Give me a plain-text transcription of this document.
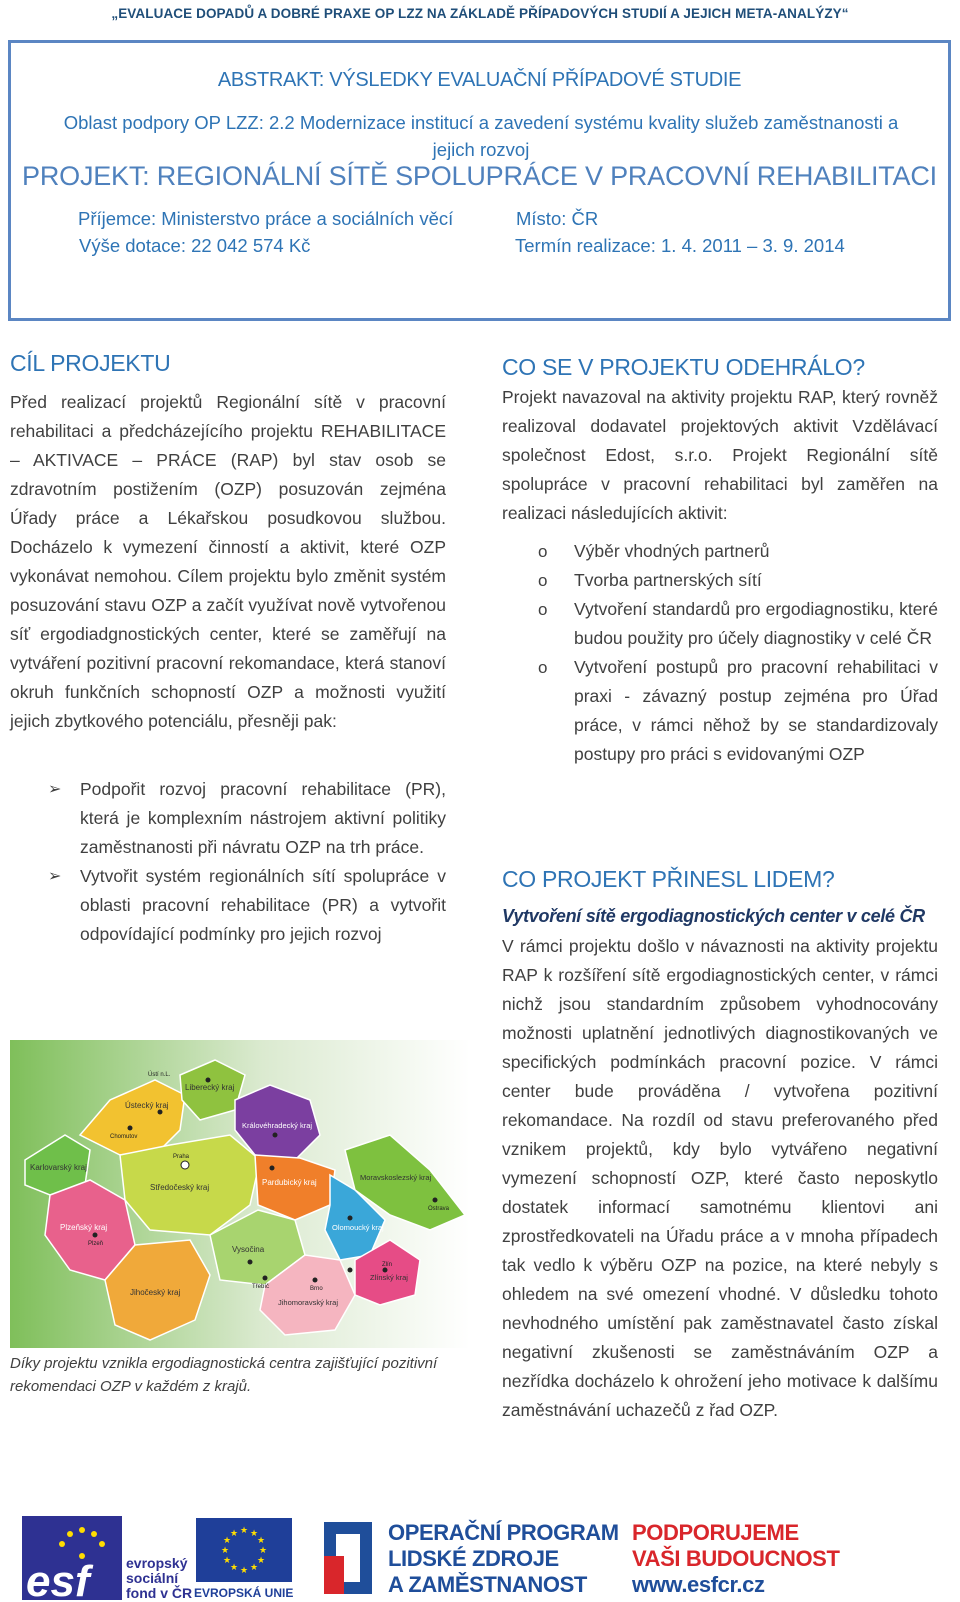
„EVALUACE DOPADŮ A DOBRÉ PRAXE OP LZZ NA ZÁKLADĚ PŘÍPADOVÝCH STUDIÍ A JEJICH META-ANALÝZY“
ABSTRAKT: VÝSLEDKY EVALUAČNÍ PŘÍPADOVÉ STUDIE
Oblast podpory OP LZZ: 2.2 Modernizace institucí a zavedení systému kvality služeb zaměstnanosti a
jejich rozvoj
PROJEKT: REGIONÁLNÍ SÍTĚ SPOLUPRÁCE V PRACOVNÍ REHABILITACI
Příjemce: Ministerstvo práce a sociálních věcí
Výše dotace: 22 042 574 Kč
Místo: ČR
Termín realizace: 1. 4. 2011 – 3. 9. 2014
CÍL PROJEKTU
Před realizací projektů Regionální sítě v pracovní rehabilitaci a předcházejícího projektu REHABILITACE – AKTIVACE – PRÁCE (RAP) byl stav osob se zdravotním postižením (OZP) posuzován zejména Úřady práce a Lékařskou posudkovou službou. Docházelo k vymezení činností a aktivit, které OZP vykonávat nemohou. Cílem projektu bylo změnit systém posuzování stavu OZP a začít využívat nově vytvořenou síť ergodiadgnostických center, které se zaměřují na vytváření pozitivní pracovní rekomandace, která stanoví okruh funkčních schopností OZP a možnosti využití jejich zbytkového potenciálu, přesněji pak:
➢ Podpořit rozvoj pracovní rehabilitace (PR), která je komplexním nástrojem aktivní politiky zaměstnanosti při návratu OZP na trh práce.
➢ Vytvořit systém regionálních sítí spolupráce v oblasti pracovní rehabilitace (PR) a vytvořit odpovídající podmínky pro jejich rozvoj
Ústecký kraj
Liberecký kraj
Královéhradecký kraj
Karlovarský kraj
Středočeský kraj
Plzeňský kraj
Pardubický kraj
Moravskoslezský kraj
Jihočeský kraj
Vysočina
Olomoucký kraj
Jihomoravský kraj
Zlínský kraj
Chomutov
Ústí n.L.
Praha
Plzeň
Ostrava
Brno
Třebíč
Zlín
Díky projektu vznikla ergodiagnostická centra zajišťující pozitivní rekomendaci OZP v každém z krajů.
CO SE V PROJEKTU ODEHRÁLO?
Projekt navazoval na aktivity projektu RAP, který rovněž realizoval dodavatel projektových aktivit Vzdělávací společnost Edost, s.r.o. Projekt Regionální sítě spolupráce v pracovní rehabilitaci byl zaměřen na realizaci následujících aktivit:
o Výběr vhodných partnerů
o Tvorba partnerských sítí
o Vytvoření standardů pro ergodiagnostiku, které budou použity pro účely diagnostiky v celé ČR
o Vytvoření postupů pro pracovní rehabilitaci v praxi - závazný postup zejména pro Úřad práce, v rámci něhož by se standardizovaly postupy pro práci s evidovanými OZP
CO PROJEKT PŘINESL LIDEM?
Vytvoření sítě ergodiagnostických center v celé ČR
V rámci projektu došlo v návaznosti na aktivity projektu RAP k rozšíření sítě ergodiagnostických center, v rámci nichž jsou standardním způsobem vyhodnocovány možnosti uplatnění jednotlivých diagnostikovaných ve specifických podmínkách pracovní pozice. V rámci center bude prováděna / vytvořena pozitivní rekomandace. Na rozdíl od stavu preferovaného před vznikem projektů, kdy bylo vytvářeno negativní vymezení schopností OZP, které často neposkytlo dostatek informací samotnému klientovi ani zprostředkovateli na Úřadu práce a v mnoha případech tak vedlo k výběru OZP na pozice, na které nebyly s ohledem na své omezení vhodné. V důsledku tohoto nevhodného umístění pak zaměstnavatel často získal negativní zkušenosti se zaměstnáváním OZP a nezřídka docházelo k ohrožení jeho motivace k dalšímu zaměstnávání uchazečů z řad OZP.
esf	evropský
sociální
fond v ČR
★ ★
★
★
★
★
★
★
★
★
★
★
EVROPSKÁ UNIE
OPERAČNÍ PROGRAM
LIDSKÉ ZDROJE
A ZAMĚSTNANOST
PODPORUJEME
VAŠI BUDOUCNOST
www.esfcr.cz
